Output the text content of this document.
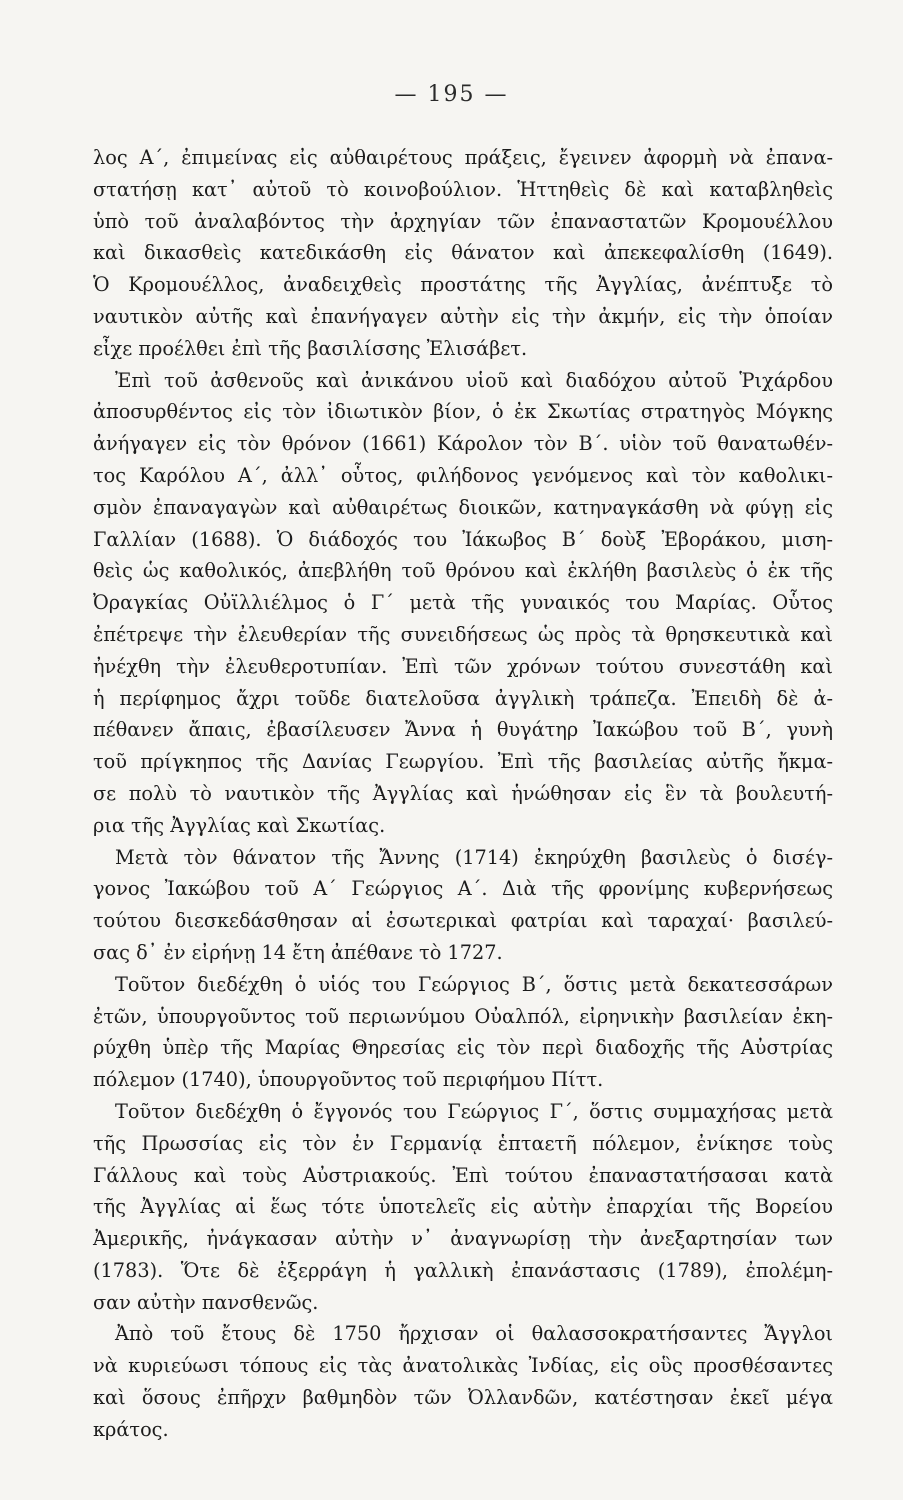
— 195 —
λος Α΄, ἐπιμείνας εἰς αὐθαιρέτους πράξεις, ἔγεινεν ἀφορμὴ νὰ ἐπανα-
στατήσῃ κατ᾽ αὐτοῦ τὸ κοινοβούλιον. Ἡττηθεὶς δὲ καὶ καταβληθεὶς
ὑπὸ τοῦ ἀναλαβόντος τὴν ἀρχηγίαν τῶν ἐπαναστατῶν Κρομουέλλου
καὶ δικασθεὶς κατεδικάσθη εἰς θάνατον καὶ ἀπεκεφαλίσθη (1649).
Ὁ Κρομουέλλος, ἀναδειχθεὶς προστάτης τῆς Ἀγγλίας, ἀνέπτυξε τὸ
ναυτικὸν αὐτῆς καὶ ἐπανήγαγεν αὐτὴν εἰς τὴν ἀκμήν, εἰς τὴν ὁποίαν
εἶχε προέλθει ἐπὶ τῆς βασιλίσσης Ἐλισάβετ.
Ἐπὶ τοῦ ἀσθενοῦς καὶ ἀνικάνου υἱοῦ καὶ διαδόχου αὐτοῦ Ῥιχάρδου
ἀποσυρθέντος εἰς τὸν ἰδιωτικὸν βίον, ὁ ἐκ Σκωτίας στρατηγὸς Μόγκης
ἀνήγαγεν εἰς τὸν θρόνον (1661) Κάρολον τὸν Β΄. υἱὸν τοῦ θανατωθέν-
τος Καρόλου Α΄, ἀλλ᾽ οὗτος, φιλήδονος γενόμενος καὶ τὸν καθολικι-
σμὸν ἐπαναγαγὼν καὶ αὐθαιρέτως διοικῶν, κατηναγκάσθη νὰ φύγῃ εἰς
Γαλλίαν (1688). Ὁ διάδοχός του Ἰάκωβος Β΄ δοὺξ Ἐβοράκου, μιση-
θεὶς ὡς καθολικός, ἀπεβλήθη τοῦ θρόνου καὶ ἐκλήθη βασιλεὺς ὁ ἐκ τῆς
Ὀραγκίας Οὐϊλλιέλμος ὁ Γ΄ μετὰ τῆς γυναικός του Μαρίας. Οὗτος
ἐπέτρεψε τὴν ἐλευθερίαν τῆς συνειδήσεως ὡς πρὸς τὰ θρησκευτικὰ καὶ
ἠνέχθη τὴν ἐλευθεροτυπίαν. Ἐπὶ τῶν χρόνων τούτου συνεστάθη καὶ
ἡ περίφημος ἄχρι τοῦδε διατελοῦσα ἀγγλικὴ τράπεζα. Ἐπειδὴ δὲ ἀ-
πέθανεν ἄπαις, ἐβασίλευσεν Ἄννα ἡ θυγάτηρ Ἰακώβου τοῦ Β΄, γυνὴ
τοῦ πρίγκηπος τῆς Δανίας Γεωργίου. Ἐπὶ τῆς βασιλείας αὐτῆς ἤκμα-
σε πολὺ τὸ ναυτικὸν τῆς Ἀγγλίας καὶ ἡνώθησαν εἰς ἓν τὰ βουλευτή-
ρια τῆς Ἀγγλίας καὶ Σκωτίας.
Μετὰ τὸν θάνατον τῆς Ἄννης (1714) ἐκηρύχθη βασιλεὺς ὁ δισέγ-
γονος Ἰακώβου τοῦ Α΄ Γεώργιος Α΄. Διὰ τῆς φρονίμης κυβερνήσεως
τούτου διεσκεδάσθησαν αἱ ἐσωτερικαὶ φατρίαι καὶ ταραχαί· βασιλεύ-
σας δ᾽ ἐν εἰρήνῃ 14 ἔτη ἀπέθανε τὸ 1727.
Τοῦτον διεδέχθη ὁ υἱός του Γεώργιος Β΄, ὅστις μετὰ δεκατεσσάρων
ἐτῶν, ὑπουργοῦντος τοῦ περιωνύμου Οὐαλπόλ, εἰρηνικὴν βασιλείαν ἐκη-
ρύχθη ὑπὲρ τῆς Μαρίας Θηρεσίας εἰς τὸν περὶ διαδοχῆς τῆς Αὐστρίας
πόλεμον (1740), ὑπουργοῦντος τοῦ περιφήμου Πίττ.
Τοῦτον διεδέχθη ὁ ἔγγονός του Γεώργιος Γ΄, ὅστις συμμαχήσας μετὰ
τῆς Πρωσσίας εἰς τὸν ἐν Γερμανίᾳ ἑπταετῆ πόλεμον, ἐνίκησε τοὺς
Γάλλους καὶ τοὺς Αὐστριακούς. Ἐπὶ τούτου ἐπαναστατήσασαι κατὰ
τῆς Ἀγγλίας αἱ ἕως τότε ὑποτελεῖς εἰς αὐτὴν ἐπαρχίαι τῆς Βορείου
Ἀμερικῆς, ἠνάγκασαν αὐτὴν ν᾽ ἀναγνωρίσῃ τὴν ἀνεξαρτησίαν των
(1783). Ὅτε δὲ ἐξερράγη ἡ γαλλικὴ ἐπανάστασις (1789), ἐπολέμη-
σαν αὐτὴν πανσθενῶς.
Ἀπὸ τοῦ ἔτους δὲ 1750 ἤρχισαν οἱ θαλασσοκρατήσαντες Ἄγγλοι
νὰ κυριεύωσι τόπους εἰς τὰς ἀνατολικὰς Ἰνδίας, εἰς οὓς προσθέσαντες
καὶ ὅσους ἐπῆρχν βαθμηδὸν τῶν Ὀλλανδῶν, κατέστησαν ἐκεῖ μέγα
κράτος.
